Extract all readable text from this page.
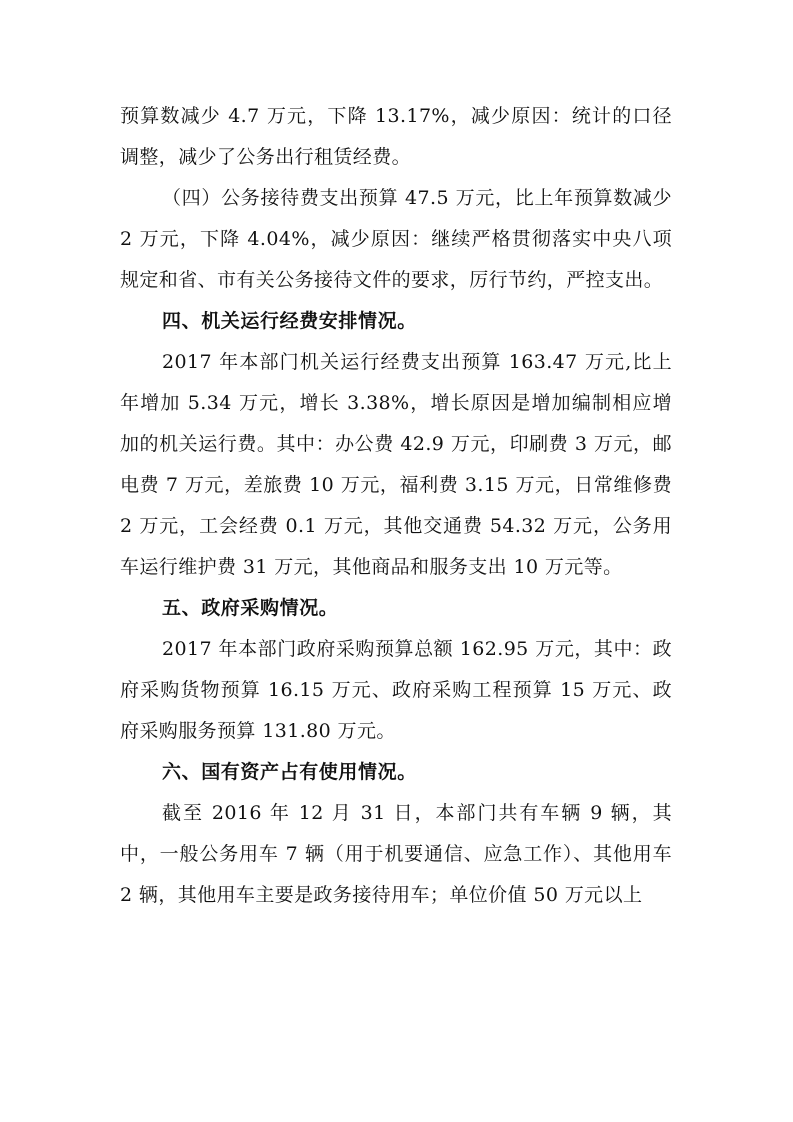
预算数减少 4.7 万元，下降 13.17%，减少原因：统计的口径调整，减少了公务出行租赁经费。

（四）公务接待费支出预算 47.5 万元，比上年预算数减少 2 万元，下降 4.04%，减少原因：继续严格贯彻落实中央八项规定和省、市有关公务接待文件的要求，厉行节约，严控支出。

四、机关运行经费安排情况。

2017 年本部门机关运行经费支出预算 163.47 万元,比上年增加 5.34 万元，增长 3.38%，增长原因是增加编制相应增加的机关运行费。其中：办公费 42.9 万元，印刷费 3 万元，邮电费 7 万元，差旅费 10 万元，福利费 3.15 万元，日常维修费 2 万元，工会经费 0.1 万元，其他交通费 54.32 万元，公务用车运行维护费 31 万元，其他商品和服务支出 10 万元等。

五、政府采购情况。

2017 年本部门政府采购预算总额 162.95 万元，其中：政府采购货物预算 16.15 万元、政府采购工程预算 15 万元、政府采购服务预算 131.80 万元。

六、国有资产占有使用情况。

截至 2016 年 12 月 31 日，本部门共有车辆 9 辆，其中，一般公务用车 7 辆（用于机要通信、应急工作）、其他用车 2 辆，其他用车主要是政务接待用车；单位价值 50 万元以上
